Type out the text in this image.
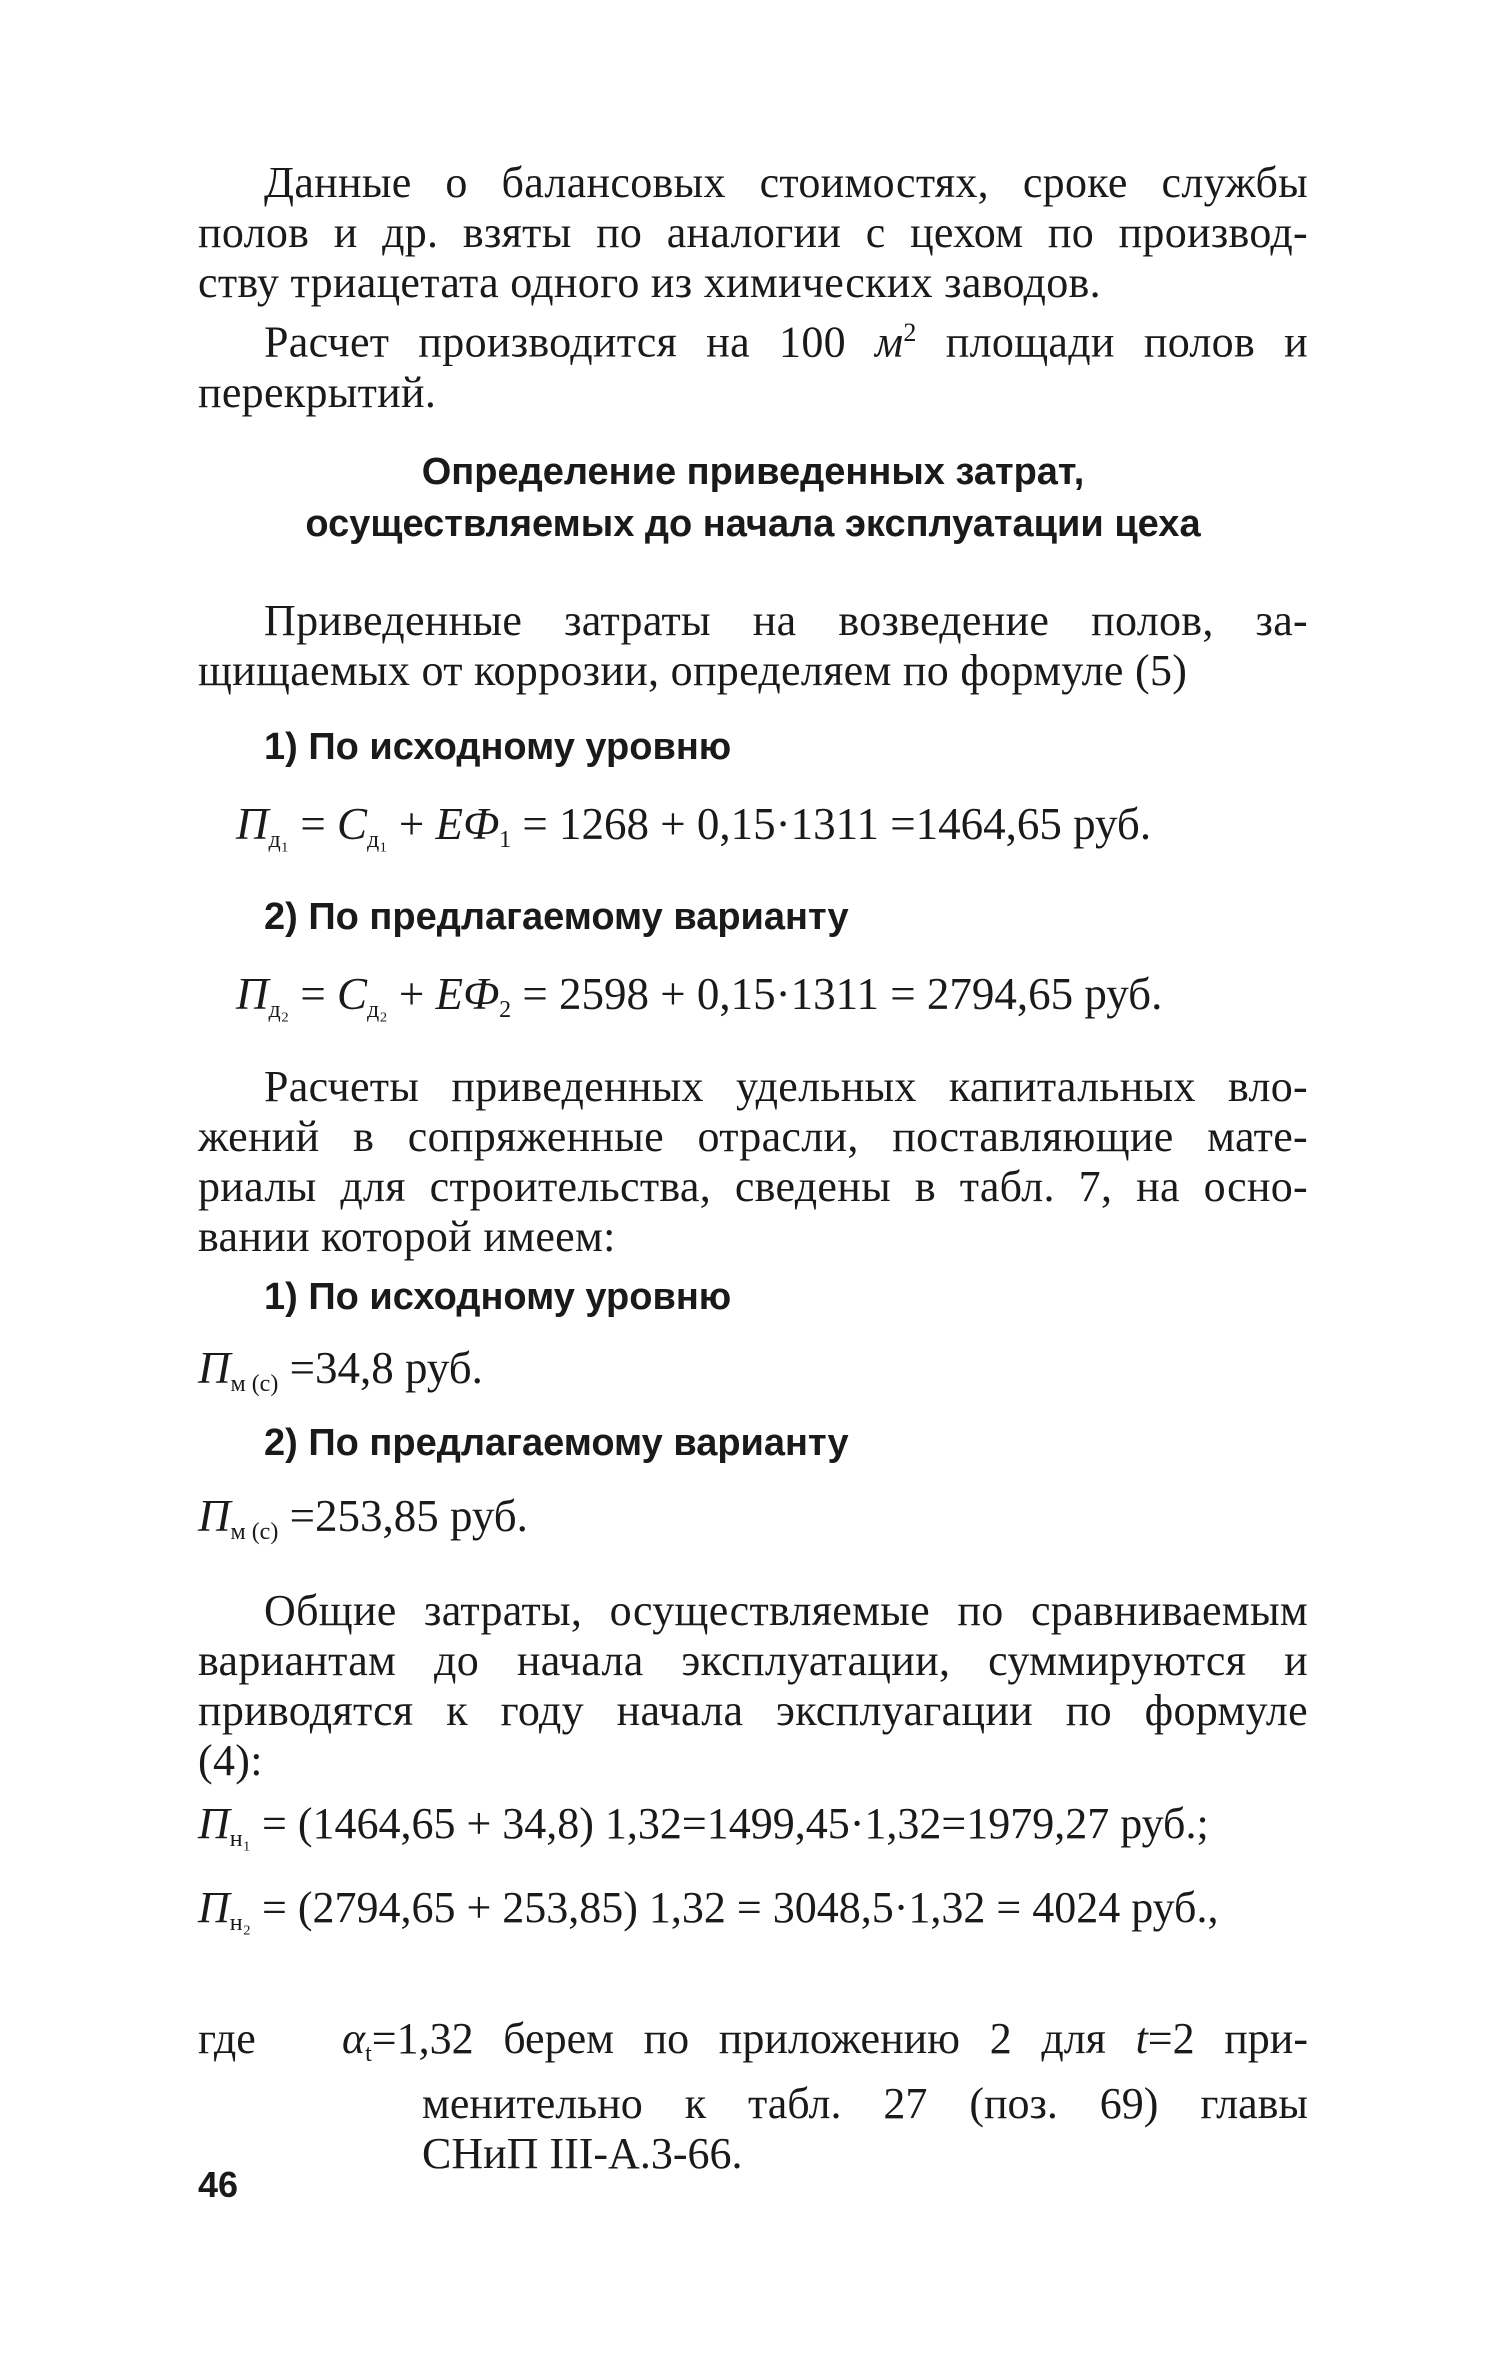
Данные о балансовых стоимостях, сроке службы
полов и др. взяты по аналогии с цехом по производ-
ству триацетата одного из химических заводов.
Расчет производится на 100 $м^2$ площади полов и
перекрытий.
Определение приведенных затрат,
осуществляемых до начала эксплуатации цеха
Приведенные затраты на возведение полов, за-
щищаемых от коррозии, определяем по формуле (5)
1) По исходному уровню
$П_{д_1} = С_{д_1} + ЕФ_1 = 1268 + 0,15\cdot 1311 =1464,65$ руб.
2) По предлагаемому варианту
$П_{д_2} = С_{д_2} + ЕФ_2 = 2598 + 0,15\cdot 1311 = 2794,65$ руб.
Расчеты приведенных удельных капитальных вло-
жений в сопряженные отрасли, поставляющие мате-
риалы для строительства, сведены в табл. 7, на осно-
вании которой имеем:
1) По исходному уровню
$П_{м (с)} =34,8$ руб.
2) По предлагаемому варианту
$П_{м (с)} =253,85$ руб.
Общие затраты, осуществляемые по сравниваемым
вариантам до начала эксплуатации, суммируются и
приводятся к году начала эксплуагации по формуле
(4):
$П_{н_1} = (1464,65 + 34,8)$ 1,32=1499,45·1,32=1979,27 руб.;
$П_{н_2} = (2794,65 + 253,85) 1,32 = 3048,5\cdot 1,32 = 4024$ руб.,
где $\alpha_t=1,32$ берем по приложению 2 для t=2 при-
менительно к табл. 27 (поз. 69) главы
СНиП III-А.3-66.
46
